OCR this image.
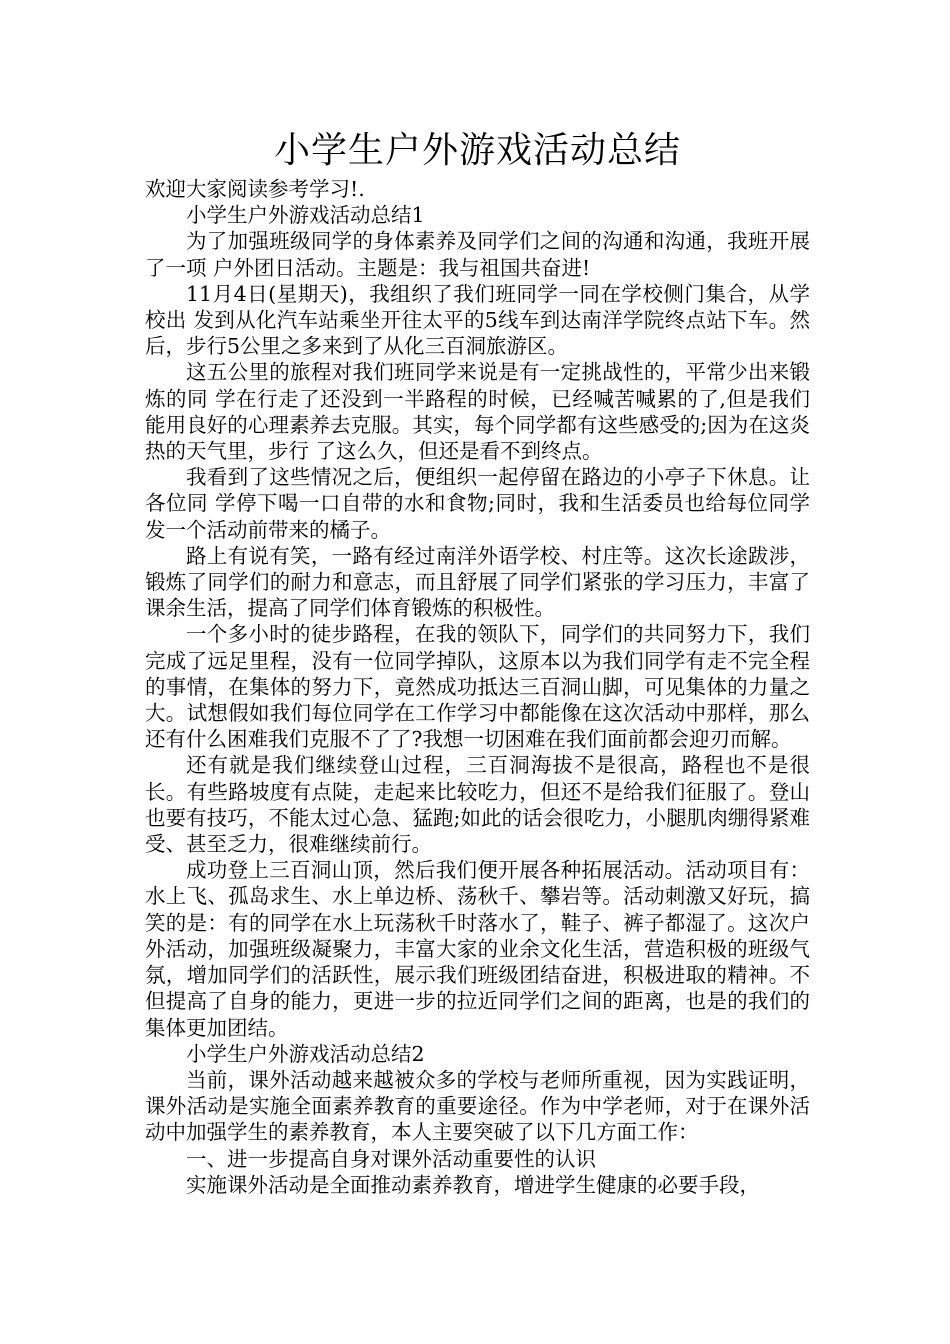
小学生户外游戏活动总结

欢迎大家阅读参考学习!.

小学生户外游戏活动总结1

为了加强班级同学的身体素养及同学们之间的沟通和沟通，我班开展了一项 户外团日活动。主题是：我与祖国共奋进!

11月4日(星期天)，我组织了我们班同学一同在学校侧门集合，从学校出 发到从化汽车站乘坐开往太平的5线车到达南洋学院终点站下车。然后，步行5公里之多来到了从化三百洞旅游区。

这五公里的旅程对我们班同学来说是有一定挑战性的，平常少出来锻炼的同 学在行走了还没到一半路程的时候，已经喊苦喊累的了,但是我们能用良好的心理素养去克服。其实，每个同学都有这些感受的;因为在这炎热的天气里，步行 了这么久，但还是看不到终点。

我看到了这些情况之后，便组织一起停留在路边的小亭子下休息。让各位同 学停下喝一口自带的水和食物;同时，我和生活委员也给每位同学发一个活动前带来的橘子。

路上有说有笑，一路有经过南洋外语学校、村庄等。这次长途跋涉，锻炼了同学们的耐力和意志，而且舒展了同学们紧张的学习压力，丰富了课余生活，提高了同学们体育锻炼的积极性。

一个多小时的徒步路程，在我的领队下，同学们的共同努力下，我们完成了远足里程，没有一位同学掉队，这原本以为我们同学有走不完全程的事情，在集体的努力下，竟然成功抵达三百洞山脚，可见集体的力量之大。试想假如我们每位同学在工作学习中都能像在这次活动中那样，那么还有什么困难我们克服不了了?我想一切困难在我们面前都会迎刃而解。

还有就是我们继续登山过程，三百洞海拔不是很高，路程也不是很长。有些路坡度有点陡，走起来比较吃力，但还不是给我们征服了。登山也要有技巧，不能太过心急、猛跑;如此的话会很吃力，小腿肌肉绷得紧难受、甚至乏力，很难继续前行。

成功登上三百洞山顶，然后我们便开展各种拓展活动。活动项目有：水上飞、孤岛求生、水上单边桥、荡秋千、攀岩等。活动刺激又好玩，搞笑的是：有的同学在水上玩荡秋千时落水了，鞋子、裤子都湿了。这次户外活动，加强班级凝聚力，丰富大家的业余文化生活，营造积极的班级气氛，增加同学们的活跃性，展示我们班级团结奋进，积极进取的精神。不但提高了自身的能力，更进一步的拉近同学们之间的距离，也是的我们的集体更加团结。

小学生户外游戏活动总结2

当前，课外活动越来越被众多的学校与老师所重视，因为实践证明，课外活动是实施全面素养教育的重要途径。作为中学老师，对于在课外活动中加强学生的素养教育，本人主要突破了以下几方面工作：

一、进一步提高自身对课外活动重要性的认识

实施课外活动是全面推动素养教育，增进学生健康的必要手段，
